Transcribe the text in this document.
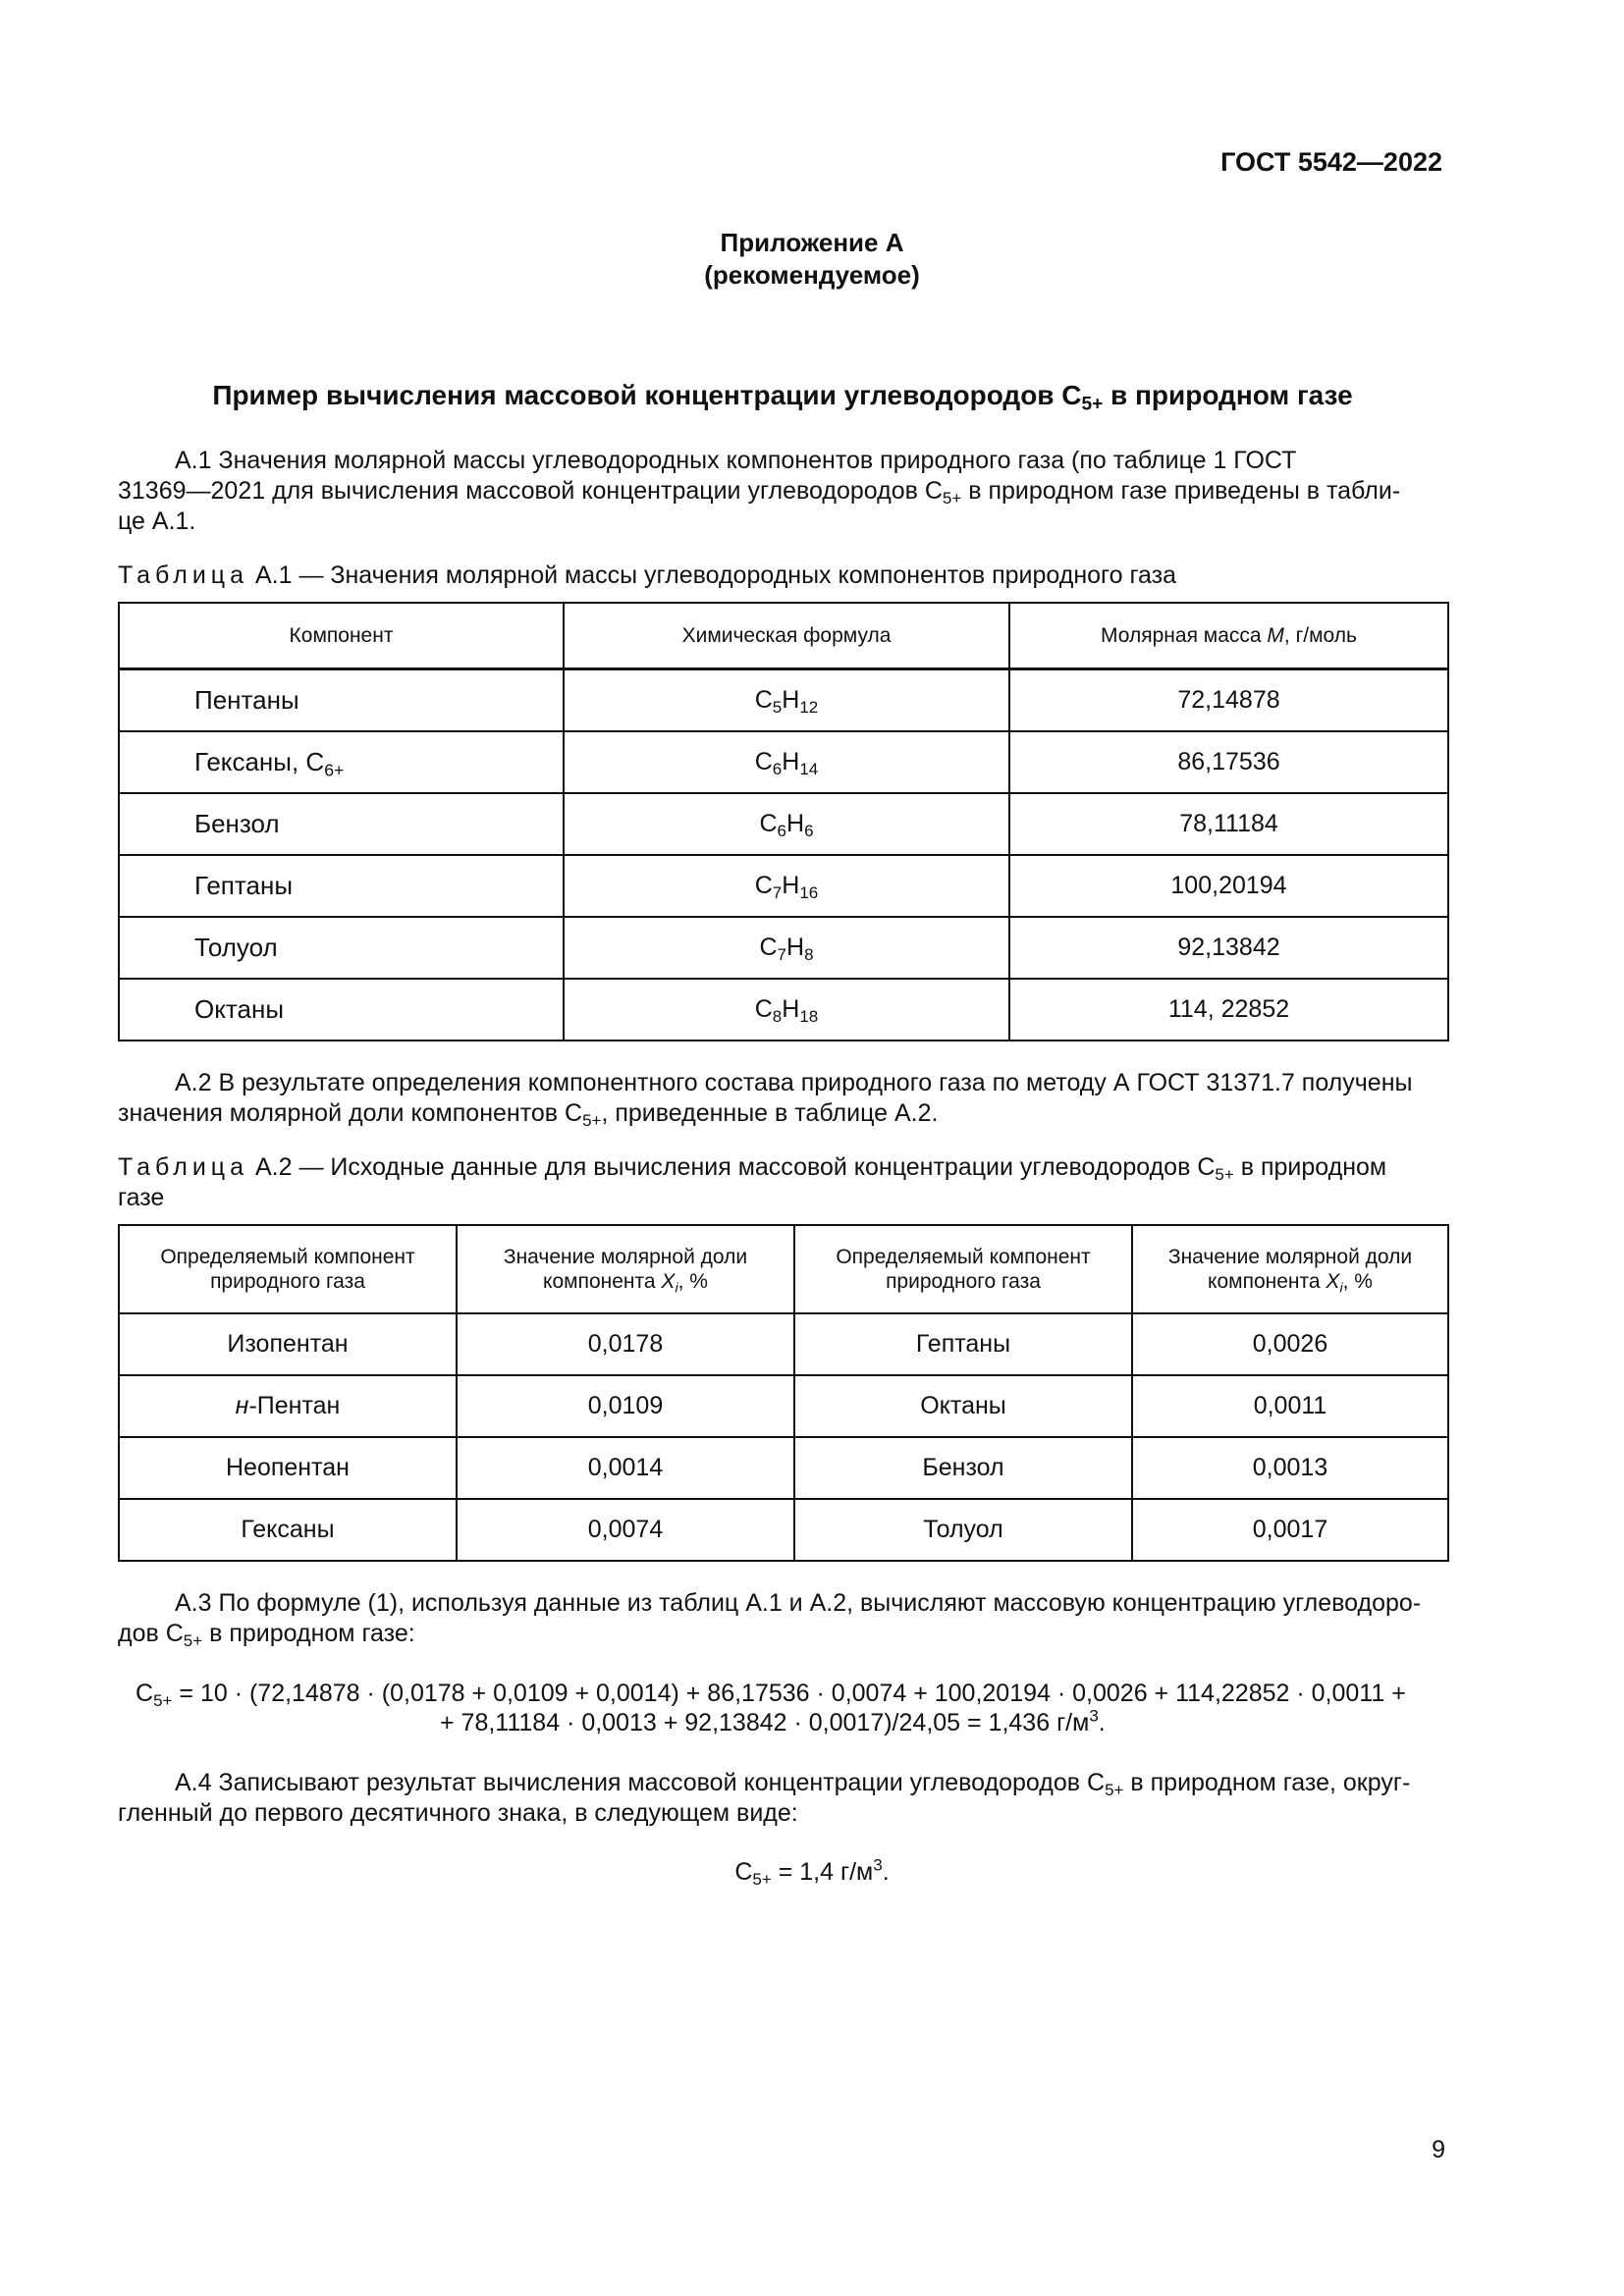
ГОСТ 5542—2022
Приложение А
(рекомендуемое)
Пример вычисления массовой концентрации углеводородов $С_{5+}$ в природном газе
А.1 Значения молярной массы углеводородных компонентов природного газа (по таблице 1 ГОСТ
31369—2021 для вычисления массовой концентрации углеводородов $С_{5+}$ в природном газе приведены в табли-
це А.1.
Таблица А.1 — Значения молярной массы углеводородных компонентов природного газа
Компонент	Химическая формула	Молярная масса M, г/моль
Пентаны	$C_5H_{12}$	72,14878
Гексаны, $С_{6+}$	$C_6H_{14}$	86,17536
Бензол	$C_6H_6$	78,11184
Гептаны	$C_7H_{16}$	100,20194
Толуол	$C_7H_8$	92,13842
Октаны	$C_8H_{18}$	114, 22852
А.2 В результате определения компонентного состава природного газа по методу А ГОСТ 31371.7 получены
значения молярной доли компонентов $С_{5+}$, приведенные в таблице А.2.
Таблица А.2 — Исходные данные для вычисления массовой концентрации углеводородов $С_{5+}$ в природном
газе
Определяемый компонент природного газа	Значение молярной доли компонента $X_i$, %	Определяемый компонент природного газа	Значение молярной доли компонента $X_i$, %
Изопентан	0,0178	Гептаны	0,0026
н-Пентан	0,0109	Октаны	0,0011
Неопентан	0,0014	Бензол	0,0013
Гексаны	0,0074	Толуол	0,0017
А.3 По формуле (1), используя данные из таблиц А.1 и А.2, вычисляют массовую концентрацию углеводоро-
дов $С_{5+}$ в природном газе:
$C_{5+} = 10 \cdot (72,14878 \cdot (0,0178 + 0,0109 + 0,0014) + 86,17536 \cdot 0,0074 + 100,20194 \cdot 0,0026 + 114,22852 \cdot 0,0011$ +
+ 78,11184 · 0,0013 + 92,13842 · 0,0017)/24,05 = 1,436 $г/м^3$.
А.4 Записывают результат вычисления массовой концентрации углеводородов $С_{5+}$ в природном газе, округ-
гленный до первого десятичного знака, в следующем виде:
$C_{5+} = 1,4$ $г/м^3$.
9
